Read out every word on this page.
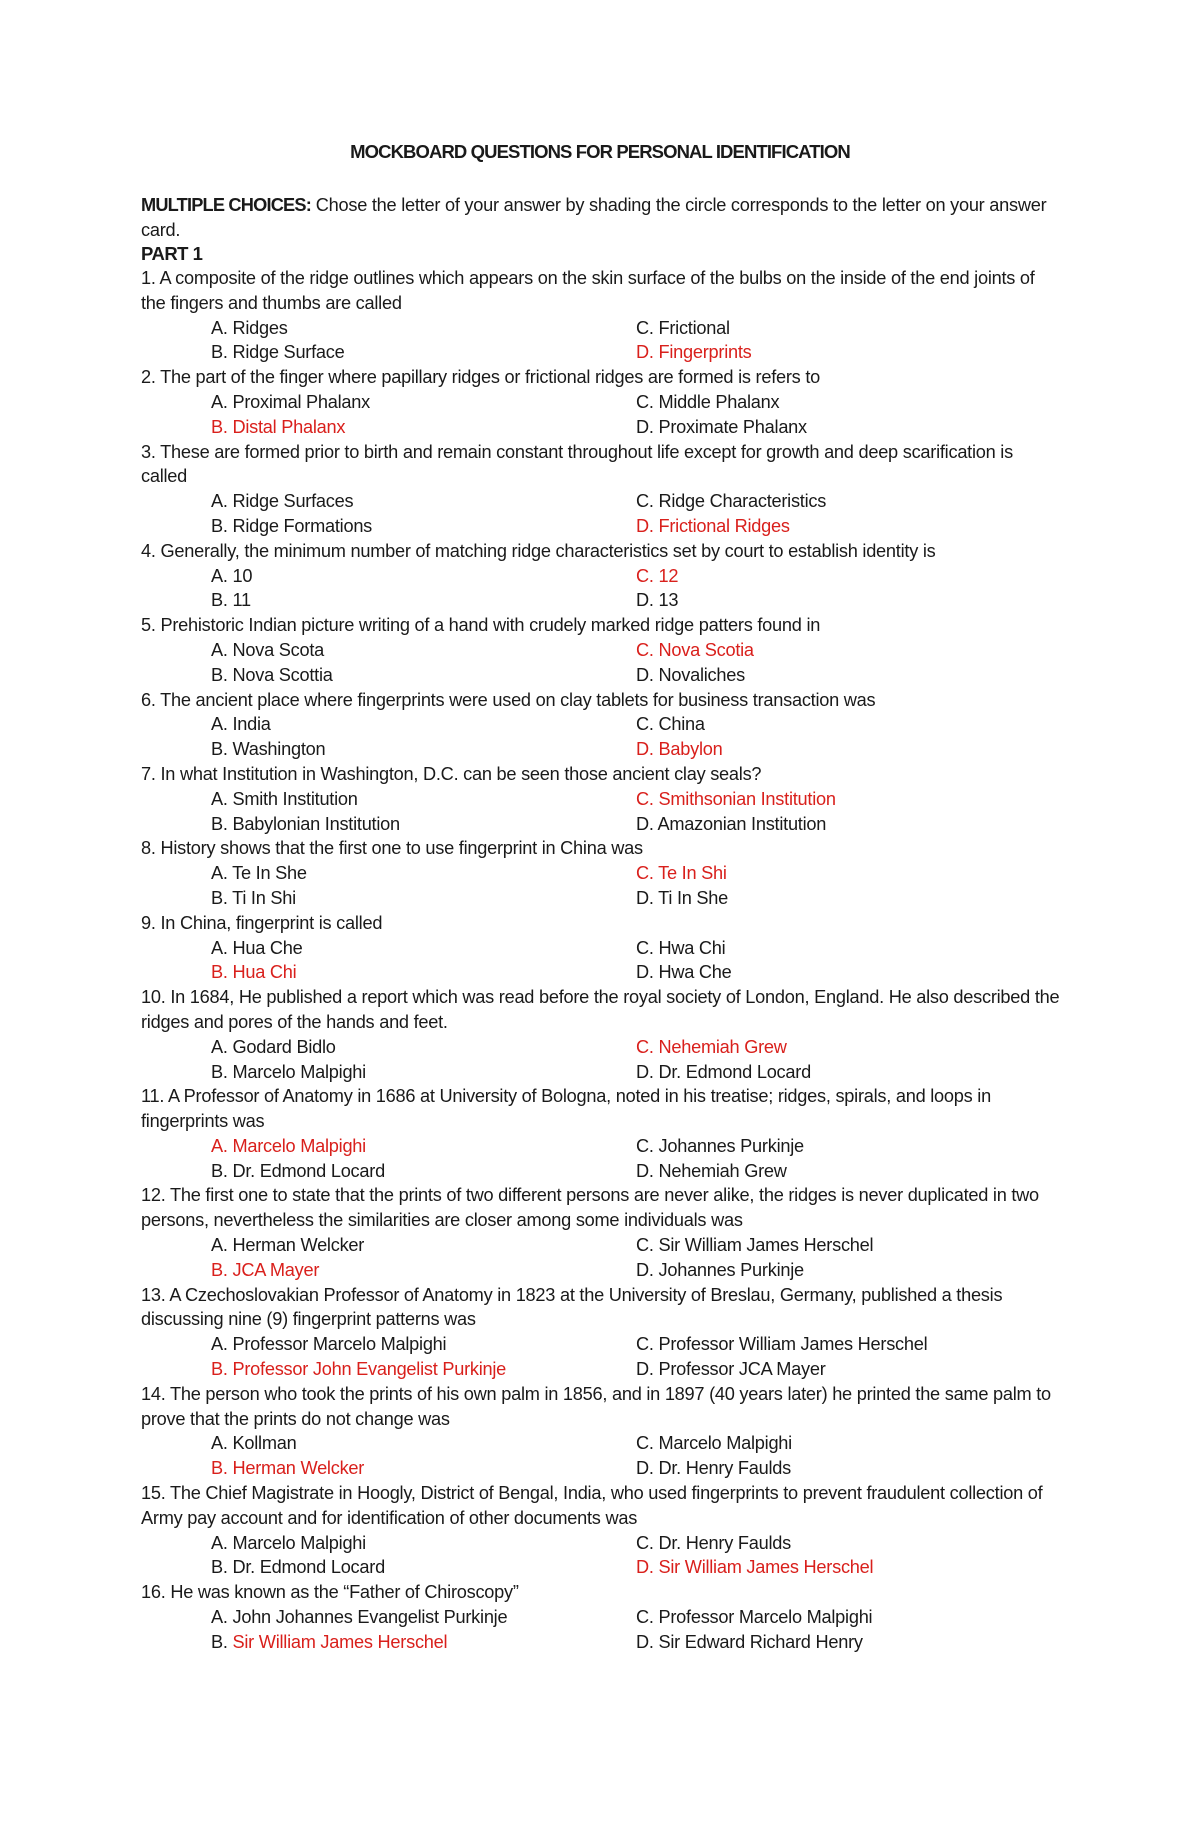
MOCKBOARD QUESTIONS FOR PERSONAL IDENTIFICATION
MULTIPLE CHOICES: Chose the letter of your answer by shading the circle corresponds to the letter on your answer card.
PART 1
1. A composite of the ridge outlines which appears on the skin surface of the bulbs on the inside of the end joints of the fingers and thumbs are called
A. Ridges	C. Frictional
B. Ridge Surface	D. Fingerprints
2. The part of the finger where papillary ridges or frictional ridges are formed is refers to
A. Proximal Phalanx	C. Middle Phalanx
B. Distal Phalanx	D. Proximate Phalanx
3. These are formed prior to birth and remain constant throughout life except for growth and deep scarification is called
A. Ridge Surfaces	C. Ridge Characteristics
B. Ridge Formations	D. Frictional Ridges
4. Generally, the minimum number of matching ridge characteristics set by court to establish identity is
A. 10	C. 12
B. 11	D. 13
5. Prehistoric Indian picture writing of a hand with crudely marked ridge patters found in
A. Nova Scota	C. Nova Scotia
B. Nova Scottia	D. Novaliches
6. The ancient place where fingerprints were used on clay tablets for business transaction was
A. India	C. China
B. Washington	D. Babylon
7. In what Institution in Washington, D.C. can be seen those ancient clay seals?
A. Smith Institution	C. Smithsonian Institution
B. Babylonian Institution	D. Amazonian Institution
8. History shows that the first one to use fingerprint in China was
A. Te In She	C. Te In Shi
B. Ti In Shi	D. Ti In She
9. In China, fingerprint is called
A. Hua Che	C. Hwa Chi
B. Hua Chi	D. Hwa Che
10. In 1684, He published a report which was read before the royal society of London, England. He also described the ridges and pores of the hands and feet.
A. Godard Bidlo	C. Nehemiah Grew
B. Marcelo Malpighi	D. Dr. Edmond Locard
11. A Professor of Anatomy in 1686 at University of Bologna, noted in his treatise; ridges, spirals, and loops in fingerprints was
A. Marcelo Malpighi	C. Johannes Purkinje
B. Dr. Edmond Locard	D. Nehemiah Grew
12. The first one to state that the prints of two different persons are never alike, the ridges is never duplicated in two persons, nevertheless the similarities are closer among some individuals was
A. Herman Welcker	C. Sir William James Herschel
B. JCA Mayer	D. Johannes Purkinje
13. A Czechoslovakian Professor of Anatomy in 1823 at the University of Breslau, Germany, published a thesis discussing nine (9) fingerprint patterns was
A. Professor Marcelo Malpighi	C. Professor William James Herschel
B. Professor John Evangelist Purkinje	D. Professor JCA Mayer
14. The person who took the prints of his own palm in 1856, and in 1897 (40 years later) he printed the same palm to prove that the prints do not change was
A. Kollman	C. Marcelo Malpighi
B. Herman Welcker	D. Dr. Henry Faulds
15. The Chief Magistrate in Hoogly, District of Bengal, India, who used fingerprints to prevent fraudulent collection of Army pay account and for identification of other documents was
A. Marcelo Malpighi	C. Dr. Henry Faulds
B. Dr. Edmond Locard	D. Sir William James Herschel
16. He was known as the “Father of Chiroscopy”
A. John Johannes Evangelist Purkinje	C. Professor Marcelo Malpighi
B. Sir William James Herschel	D. Sir Edward Richard Henry
